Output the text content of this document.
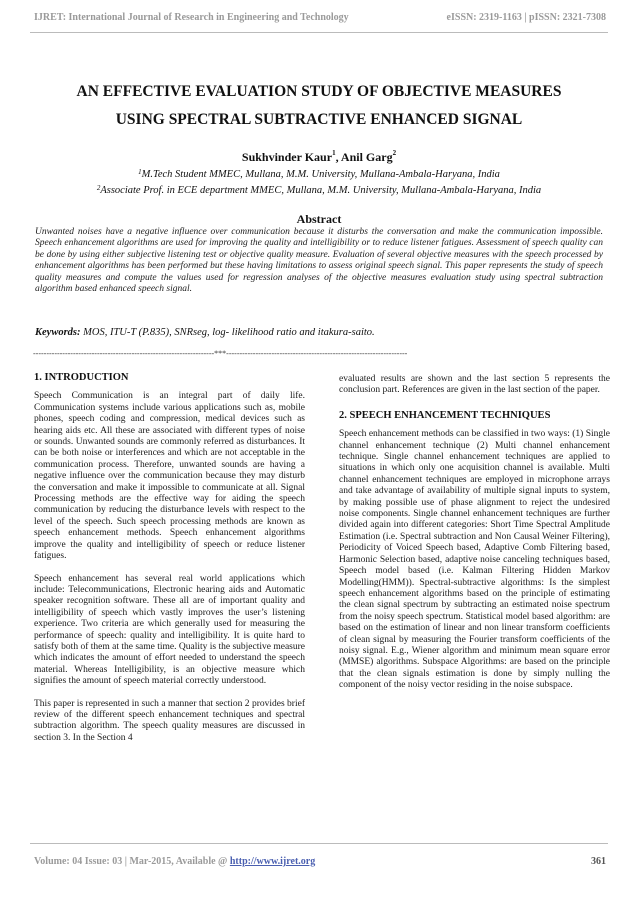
IJRET: International Journal of Research in Engineering and Technology	eISSN: 2319-1163 | pISSN: 2321-7308
AN EFFECTIVE EVALUATION STUDY OF OBJECTIVE MEASURES
USING SPECTRAL SUBTRACTIVE ENHANCED SIGNAL
Sukhvinder Kaur$^1$, Anil Garg$^2$
$^1$M.Tech Student MMEC, Mullana, M.M. University, Mullana-Ambala-Haryana, India
$^2$Associate Prof. in ECE department MMEC, Mullana, M.M. University, Mullana-Ambala-Haryana, India
Abstract
Unwanted noises have a negative influence over communication because it disturbs the conversation and make the communication impossible. Speech enhancement algorithms are used for improving the quality and intelligibility or to reduce listener fatigues. Assessment of speech quality can be done by using either subjective listening test or objective quality measure. Evaluation of several objective measures with the speech processed by enhancement algorithms has been performed but these having limitations to assess original speech signal. This paper represents the study of speech quality measures and compute the values used for regression analyses of the objective measures evaluation study using spectral subtraction algorithm based enhanced speech signal.
Keywords: MOS, ITU-T (P.835), SNRseg, log- likelihood ratio and itakura-saito.
--------------------------------------------------------------------***--------------------------------------------------------------------
1. INTRODUCTION
Speech Communication is an integral part of daily life. Communication systems include various applications such as, mobile phones, speech coding and compression, medical devices such as hearing aids etc. All these are associated with different types of noise or sounds. Unwanted sounds are commonly referred as disturbances. It can be both noise or interferences and which are not acceptable in the communication process. Therefore, unwanted sounds are having a negative influence over the communication because they may disturb the conversation and make it impossible to communicate at all. Signal Processing methods are the effective way for aiding the speech communication by reducing the disturbance levels with respect to the level of the speech. Such speech processing methods are known as speech enhancement methods. Speech enhancement algorithms improve the quality and intelligibility of speech or reduce listener fatigues.
Speech enhancement has several real world applications which include: Telecommunications, Electronic hearing aids and Automatic speaker recognition software. These all are of important quality and intelligibility of speech which vastly improves the user’s listening experience. Two criteria are which generally used for measuring the performance of speech: quality and intelligibility. It is quite hard to satisfy both of them at the same time. Quality is the subjective measure which indicates the amount of effort needed to understand the speech material. Whereas Intelligibility, is an objective measure which signifies the amount of speech material correctly understood.
This paper is represented in such a manner that section 2 provides brief review of the different speech enhancement techniques and spectral subtraction algorithm. The speech quality measures are discussed in section 3. In the Section 4
evaluated results are shown and the last section 5 represents the conclusion part. References are given in the last section of the paper.
2. SPEECH ENHANCEMENT TECHNIQUES
Speech enhancement methods can be classified in two ways: (1) Single channel enhancement technique (2) Multi channel enhancement technique. Single channel enhancement techniques are applied to situations in which only one acquisition channel is available. Multi channel enhancement techniques are employed in microphone arrays and take advantage of availability of multiple signal inputs to system, by making possible use of phase alignment to reject the undesired noise components. Single channel enhancement techniques are further divided again into different categories: Short Time Spectral Amplitude Estimation (i.e. Spectral subtraction and Non Causal Weiner Filtering), Periodicity of Voiced Speech based, Adaptive Comb Filtering based, Harmonic Selection based, adaptive noise canceling techniques based, Speech model based (i.e. Kalman Filtering Hidden Markov Modelling(HMM)). Spectral-subtractive algorithms: Is the simplest speech enhancement algorithms based on the principle of estimating the clean signal spectrum by subtracting an estimated noise spectrum from the noisy speech spectrum. Statistical model based algorithm: are based on the estimation of linear and non linear transform coefficients of clean signal by measuring the Fourier transform coefficients of the noisy signal. E.g., Wiener algorithm and minimum mean square error (MMSE) algorithms. Subspace Algorithms: are based on the principle that the clean signals estimation is done by simply nulling the component of the noisy vector residing in the noise subspace.
Volume: 04 Issue: 03 | Mar-2015, Available @ http://www.ijret.org	361
